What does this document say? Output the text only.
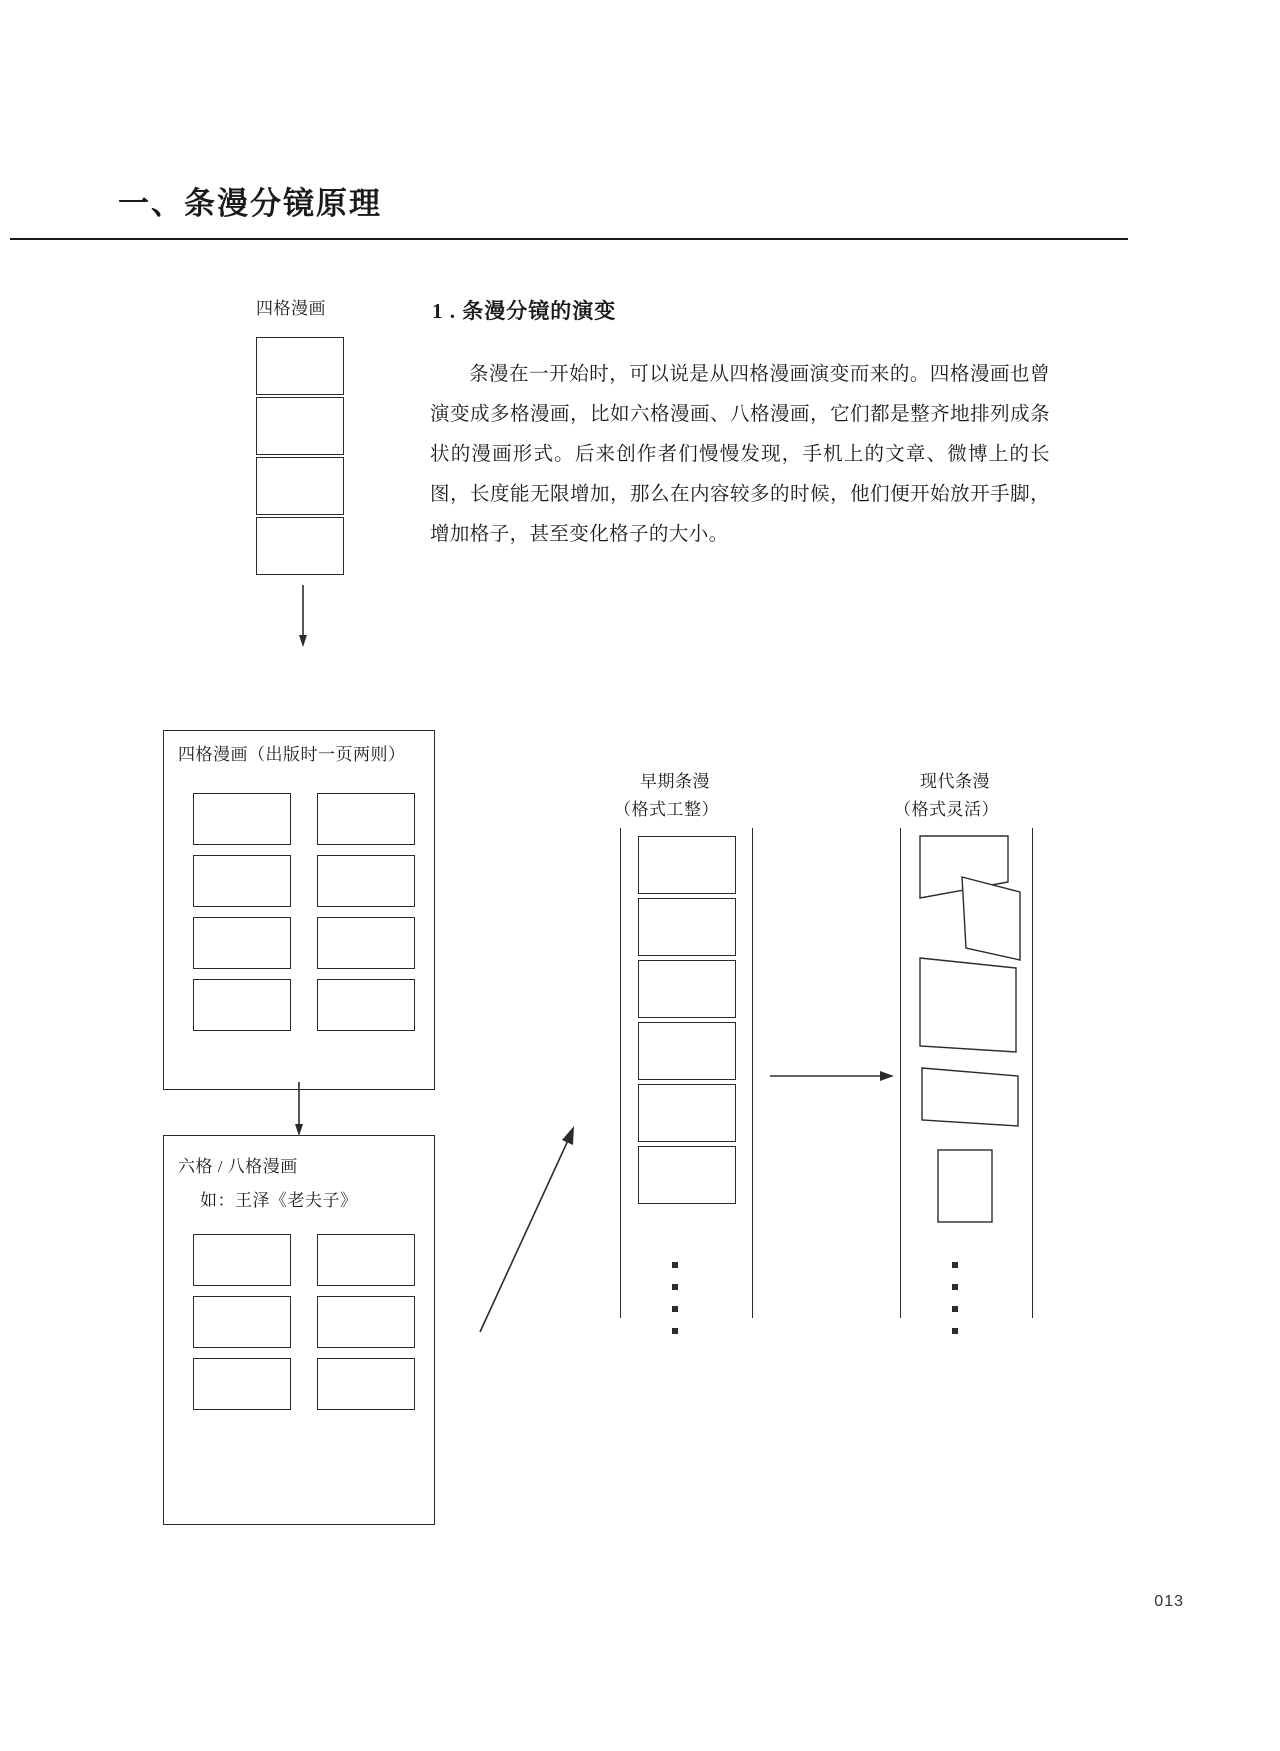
一、条漫分镜原理
1 . 条漫分镜的演变
条漫在一开始时，可以说是从四格漫画演变而来的。四格漫画也曾演变成多格漫画，比如六格漫画、八格漫画，它们都是整齐地排列成条状的漫画形式。后来创作者们慢慢发现，手机上的文章、微博上的长图，长度能无限增加，那么在内容较多的时候，他们便开始放开手脚，增加格子，甚至变化格子的大小。
四格漫画
四格漫画（出版时一页两则）
六格 / 八格漫画
如：王泽《老夫子》
早期条漫
（格式工整）
现代条漫
（格式灵活）
013
